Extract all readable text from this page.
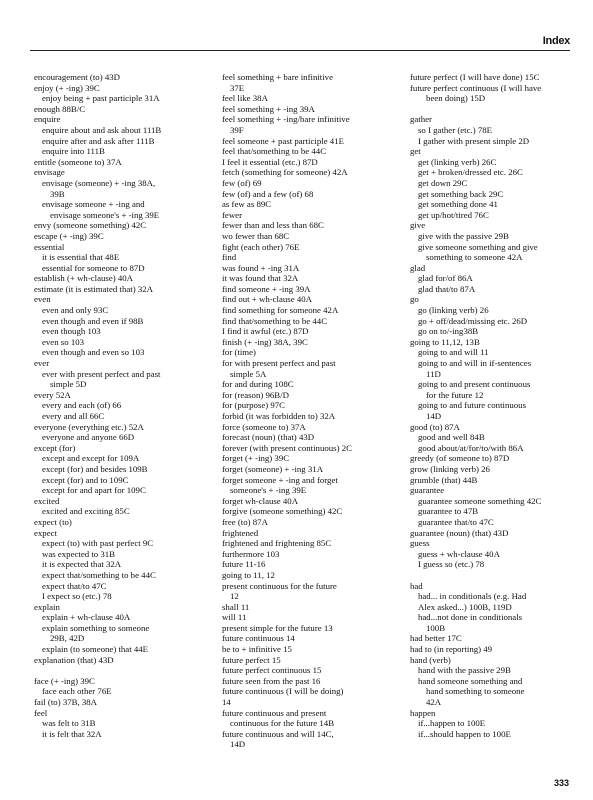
Index
encouragement (to) 43D
enjoy (+ -ing) 39C
enjoy being + past participle 31A
enough 88B/C
enquire
enquire about and ask about 111B
enquire after and ask after 111B
enquire into 111B
entitle (someone to) 37A
envisage
envisage (someone) + -ing 38A,
39B
envisage someone + -ing and
envisage someone's + -ing 39E
envy (someone something) 42C
escape (+ -ing) 39C
essential
it is essential that 48E
essential for someone to 87D
establish (+ wh-clause) 40A
estimate (it is estimated that) 32A
even
even and only 93C
even though and even if 98B
even though 103
even so 103
even though and even so 103
ever
ever with present perfect and past
simple 5D
every 52A
every and each (of) 66
every and all 66C
everyone (everything etc.) 52A
everyone and anyone 66D
except (for)
except and except for 109A
except (for) and besides 109B
except (for) and to 109C
except for and apart for 109C
excited
excited and exciting 85C
expect (to)
expect
expect (to) with past perfect 9C
was expected to 31B
it is expected that 32A
expect that/something to be 44C
expect that/to 47C
I expect so (etc.) 78
explain
explain + wh-clause 40A
explain something to someone
29B, 42D
explain (to someone) that 44E
explanation (that) 43D
face (+ -ing) 39C
face each other 76E
fail (to) 37B, 38A
feel
was felt to 31B
it is felt that 32A
feel something + bare infinitive
37E
feel like 38A
feel something + -ing 39A
feel something + -ing/bare infinitive
39F
feel someone + past participle 41E
feel that/something to be 44C
I feel it essential (etc.) 87D
fetch (something for someone) 42A
few (of) 69
few (of) and a few (of) 68
as few as 89C
fewer
fewer than and less than 68C
wo fewer than 68C
fight (each other) 76E
find
was found + -ing 31A
it was found that 32A
find someone + -ing 39A
find out + wh-clause 40A
find something for someone 42A
find that/something to be 44C
I find it awful (etc.) 87D
finish (+ -ing) 38A, 39C
for (time)
for with present perfect and past
simple 5A
for and during 108C
for (reason) 96B/D
for (purpose) 97C
forbid (it was forbidden to) 32A
force (someone to) 37A
forecast (noun) (that) 43D
forever (with present continuous) 2C
forget (+ -ing) 39C
forget (someone) + -ing 31A
forget someone + -ing and forget
someone's + -ing 39E
forget wh-clause 40A
forgive (someone something) 42C
free (to) 87A
frightened
frightened and frightening 85C
furthermore 103
future 11-16
going to 11, 12
present continuous for the future
12
shall 11
will 11
present simple for the future 13
future continuous 14
be to + infinitive 15
future perfect 15
future perfect continuous 15
future seen from the past 16
future continuous (I will be doing)
14
future continuous and present
continuous for the future 14B
future continuous and will 14C,
14D
future perfect (I will have done) 15C
future perfect continuous (I will have
been doing) 15D
gather
so I gather (etc.) 78E
I gather with present simple 2D
get
get (linking verb) 26C
get + broken/dressed etc. 26C
get down 29C
get something back 29C
get something done 41
get up/hot/tired 76C
give
give with the passive 29B
give someone something and give
something to someone 42A
glad
glad for/of 86A
glad that/to 87A
go
go (linking verb) 26
go + off/dead/missing etc. 26D
go on to/-ing38B
going to 11,12, 13B
going to and will 11
going to and will in if-sentences
11D
going to and present continuous
for the future 12
going to and future continuous
14D
good (to) 87A
good and well 84B
good about/at/for/to/with 86A
greedy (of someone to) 87D
grow (linking verb) 26
grumble (that) 44B
guarantee
guarantee someone something 42C
guarantee to 47B
guarantee that/to 47C
guarantee (noun) (that) 43D
guess
guess + wh-clause 40A
I guess so (etc.) 78
had
had... in conditionals (e.g. Had
Alex asked...) 100B, 119D
had...not done in conditionals
100B
had better 17C
had to (in reporting) 49
hand (verb)
hand with the passive 29B
hand someone something and
hand something to someone
42A
happen
if...happen to 100E
if...should happen to 100E
333
